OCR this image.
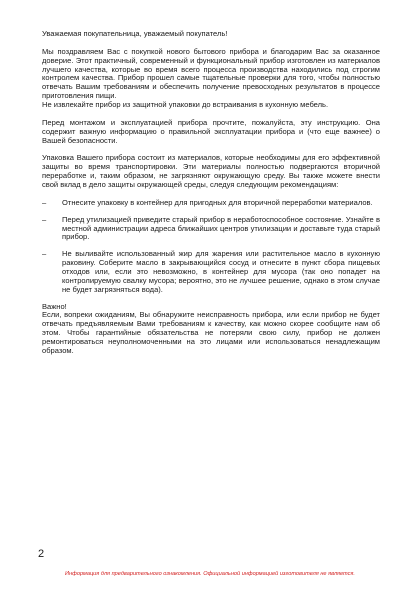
Уважаемая покупательница, уважаемый покупатель!

Мы поздравляем Вас с покупкой нового бытового прибора и благодарим Вас за оказанное доверие. Этот практичный, современный и функциональный прибор изготовлен из материалов лучшего качества, которые во время всего процесса производства находились под строгим контролем качества. Прибор прошел самые тщательные проверки для того, чтобы полностью отвечать Вашим требованиям и обеспечить получение превосходных результатов в процессе приготовления пищи.

Не извлекайте прибор из защитной упаковки до встраивания в кухонную мебель.

Перед монтажом и эксплуатацией прибора прочтите, пожалуйста, эту инструкцию. Она содержит важную информацию о правильной эксплуатации прибора и (что еще важнее) о Вашей безопасности.

Упаковка Вашего прибора состоит из материалов, которые необходимы для его эффективной защиты во время транспортировки. Эти материалы полностью подвергаются вторичной переработке и, таким образом, не загрязняют окружающую среду. Вы также можете внести свой вклад в дело защиты окружающей среды, следуя следующим рекомендациям:

– Отнесите упаковку в контейнер для пригодных для вторичной переработки материалов.
– Перед утилизацией приведите старый прибор в неработоспособное состояние. Узнайте в местной администрации адреса ближайших центров утилизации и доставьте туда старый прибор.
– Не выливайте использованный жир для жарения или растительное масло в кухонную раковину. Соберите масло в закрывающийся сосуд и отнесите в пункт сбора пищевых отходов или, если это невозможно, в контейнер для мусора (так оно попадет на контролируемую свалку мусора; вероятно, это не лучшее решение, однако в этом случае не будет загрязняться вода).

Важно!

Если, вопреки ожиданиям, Вы обнаружите неисправность прибора, или если прибор не будет отвечать предъявляемым Вами требованиям к качеству, как можно скорее сообщите нам об этом. Чтобы гарантийные обязательства не потеряли свою силу, прибор не должен ремонтироваться неуполномоченными на это лицами или использоваться ненадлежащим образом.

2
Информация для предварительного ознакомления. Официальной информацией изготовителя не является.
